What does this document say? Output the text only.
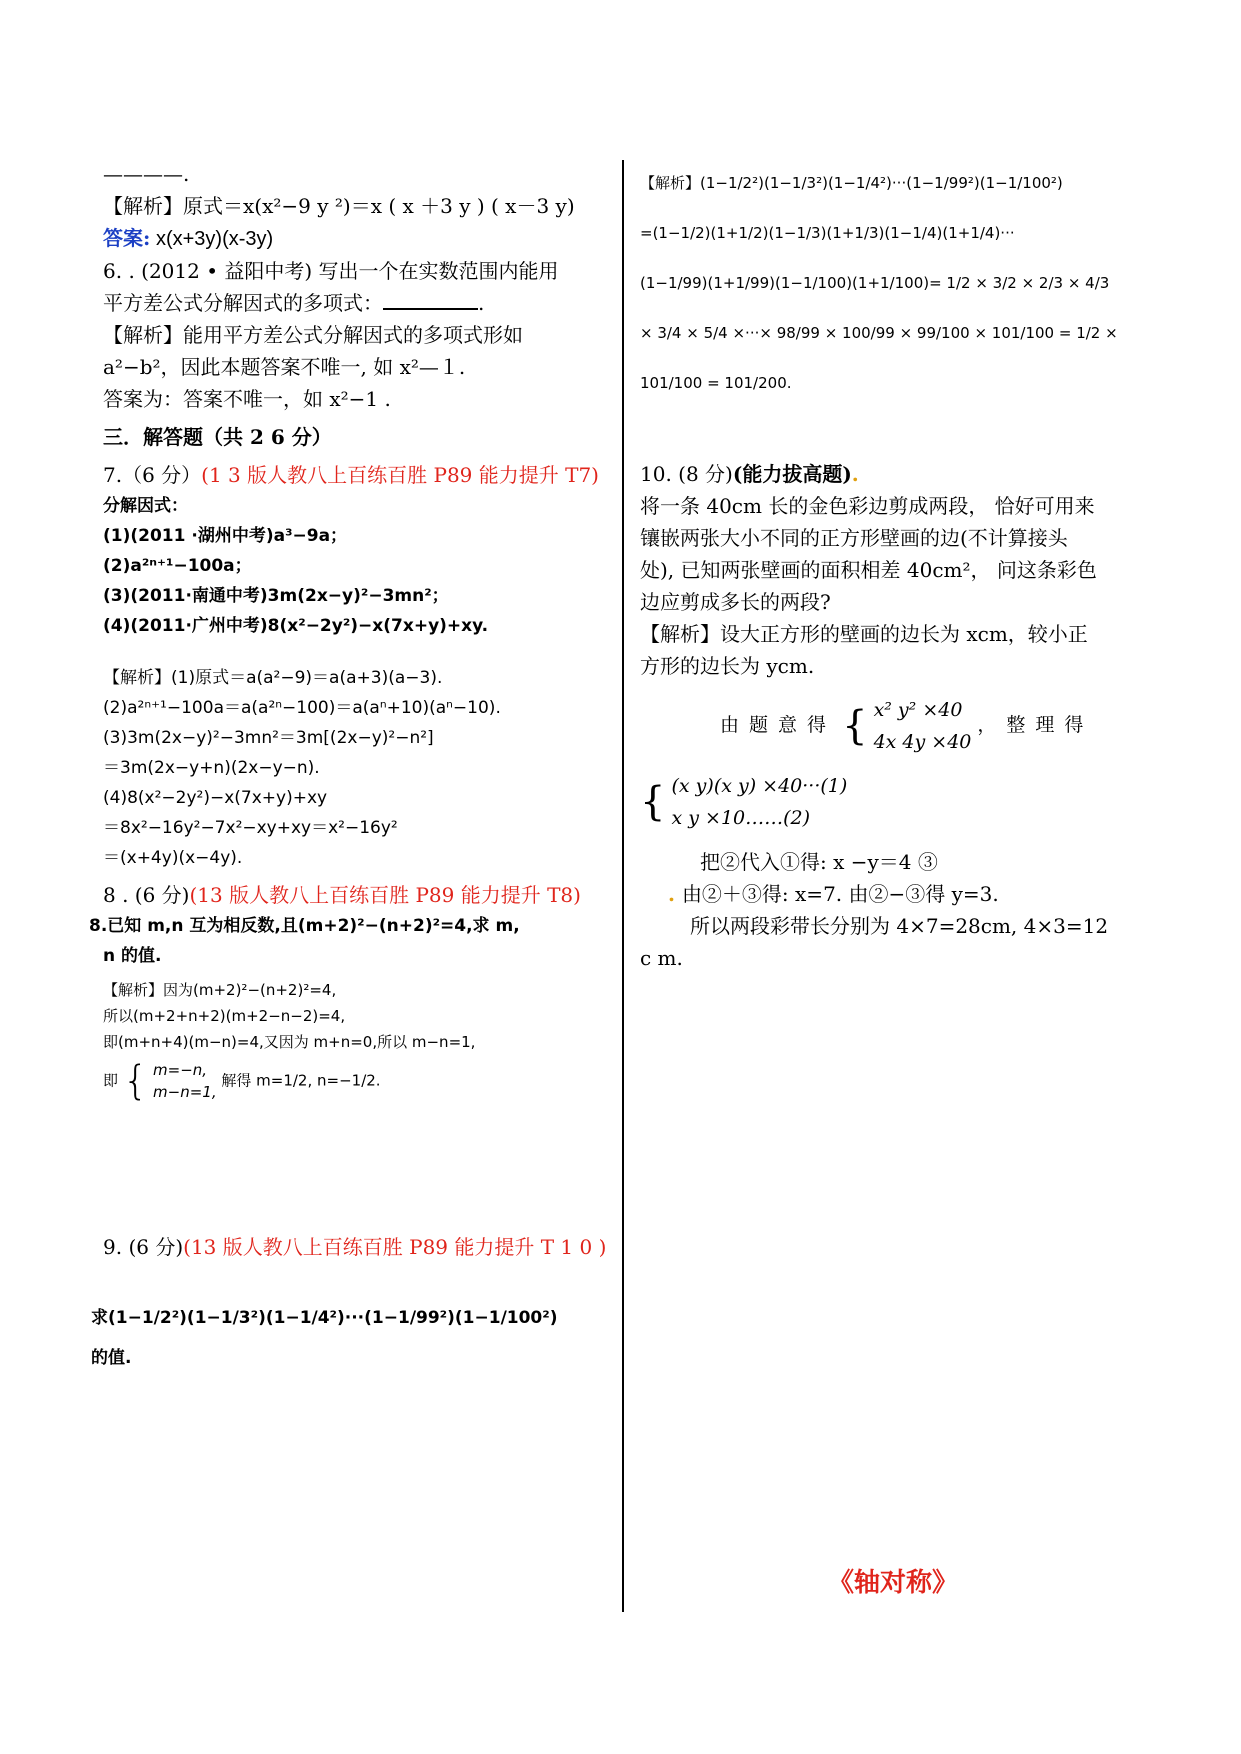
————.

【解析】原式＝x(x²−9 y ²)＝x ( x ＋3 y ) ( x－3 y)

答案: x(x+3y)(x-3y)

6. . (2012 • 益阳中考) 写出一个在实数范围内能用

平方差公式分解因式的多项式：	.

【解析】能用平方差公式分解因式的多项式形如

a²−b²，因此本题答案不唯一, 如 x²—１.

答案为：答案不唯一，如 x²−1 .

三．解答题（共 2 6 分）

7.（6 分）(1 3 版人教八上百练百胜 P89 能力提升 T7)

分解因式：

(1)(2011 ·湖州中考)a³−9a；

(2)a²ⁿ⁺¹−100a；

(3)(2011·南通中考)3m(2x−y)²−3mn²；

(4)(2011·广州中考)8(x²−2y²)−x(7x+y)+xy.

【解析】(1)原式＝a(a²−9)＝a(a+3)(a−3).

(2)a²ⁿ⁺¹−100a＝a(a²ⁿ−100)＝a(aⁿ+10)(aⁿ−10).

(3)3m(2x−y)²−3mn²＝3m[(2x−y)²−n²]

＝3m(2x−y+n)(2x−y−n).

(4)8(x²−2y²)−x(7x+y)+xy

＝8x²−16y²−7x²−xy+xy＝x²−16y²

＝(x+4y)(x−4y).

8 . (6 分)(13 版人教八上百练百胜 P89 能力提升 T8)

8.已知 m,n 互为相反数,且(m+2)²−(n+2)²=4,求 m,

n 的值.

【解析】因为(m+2)²−(n+2)²=4,

所以(m+2+n+2)(m+2−n−2)=4,

即(m+n+4)(m−n)=4,又因为 m+n=0,所以 m−n=1,

即 { m=−n,
m−n=1, 解得 m=1/2, n=−1/2.

9. (6 分)(13 版人教八上百练百胜 P89 能力提升 T 1 0 )

求(1−1/2²)(1−1/3²)(1−1/4²)···(1−1/99²)(1−1/100²)

的值.

【解析】(1−1/2²)(1−1/3²)(1−1/4²)···(1−1/99²)(1−1/100²)

=(1−1/2)(1+1/2)(1−1/3)(1+1/3)(1−1/4)(1+1/4)···

(1−1/99)(1+1/99)(1−1/100)(1+1/100)= 1/2 × 3/2 × 2/3 × 4/3

× 3/4 × 5/4 ×···× 98/99 × 100/99 × 99/100 × 101/100 = 1/2 × 101/100 = 101/200.

10. (8 分)(能力拔高题).

将一条 40cm 长的金色彩边剪成两段， 恰好可用来

镶嵌两张大小不同的正方形壁画的边(不计算接头

处), 已知两张壁画的面积相差 40cm²， 问这条彩色

边应剪成多长的两段?

【解析】设大正方形的壁画的边长为 xcm，较小正

方形的边长为 ycm.

由题意得 { x² y² ×40
4x 4y ×40 ，整理得
{ (x y)(x y) ×40···(1)
x y ×10……(2)

把②代入①得: x −y＝4 ③

. 由②＋③得: x=7. 由②−③得 y=3.

所以两段彩带长分别为 4×7=28cm, 4×3=12

c m.

《轴对称》
